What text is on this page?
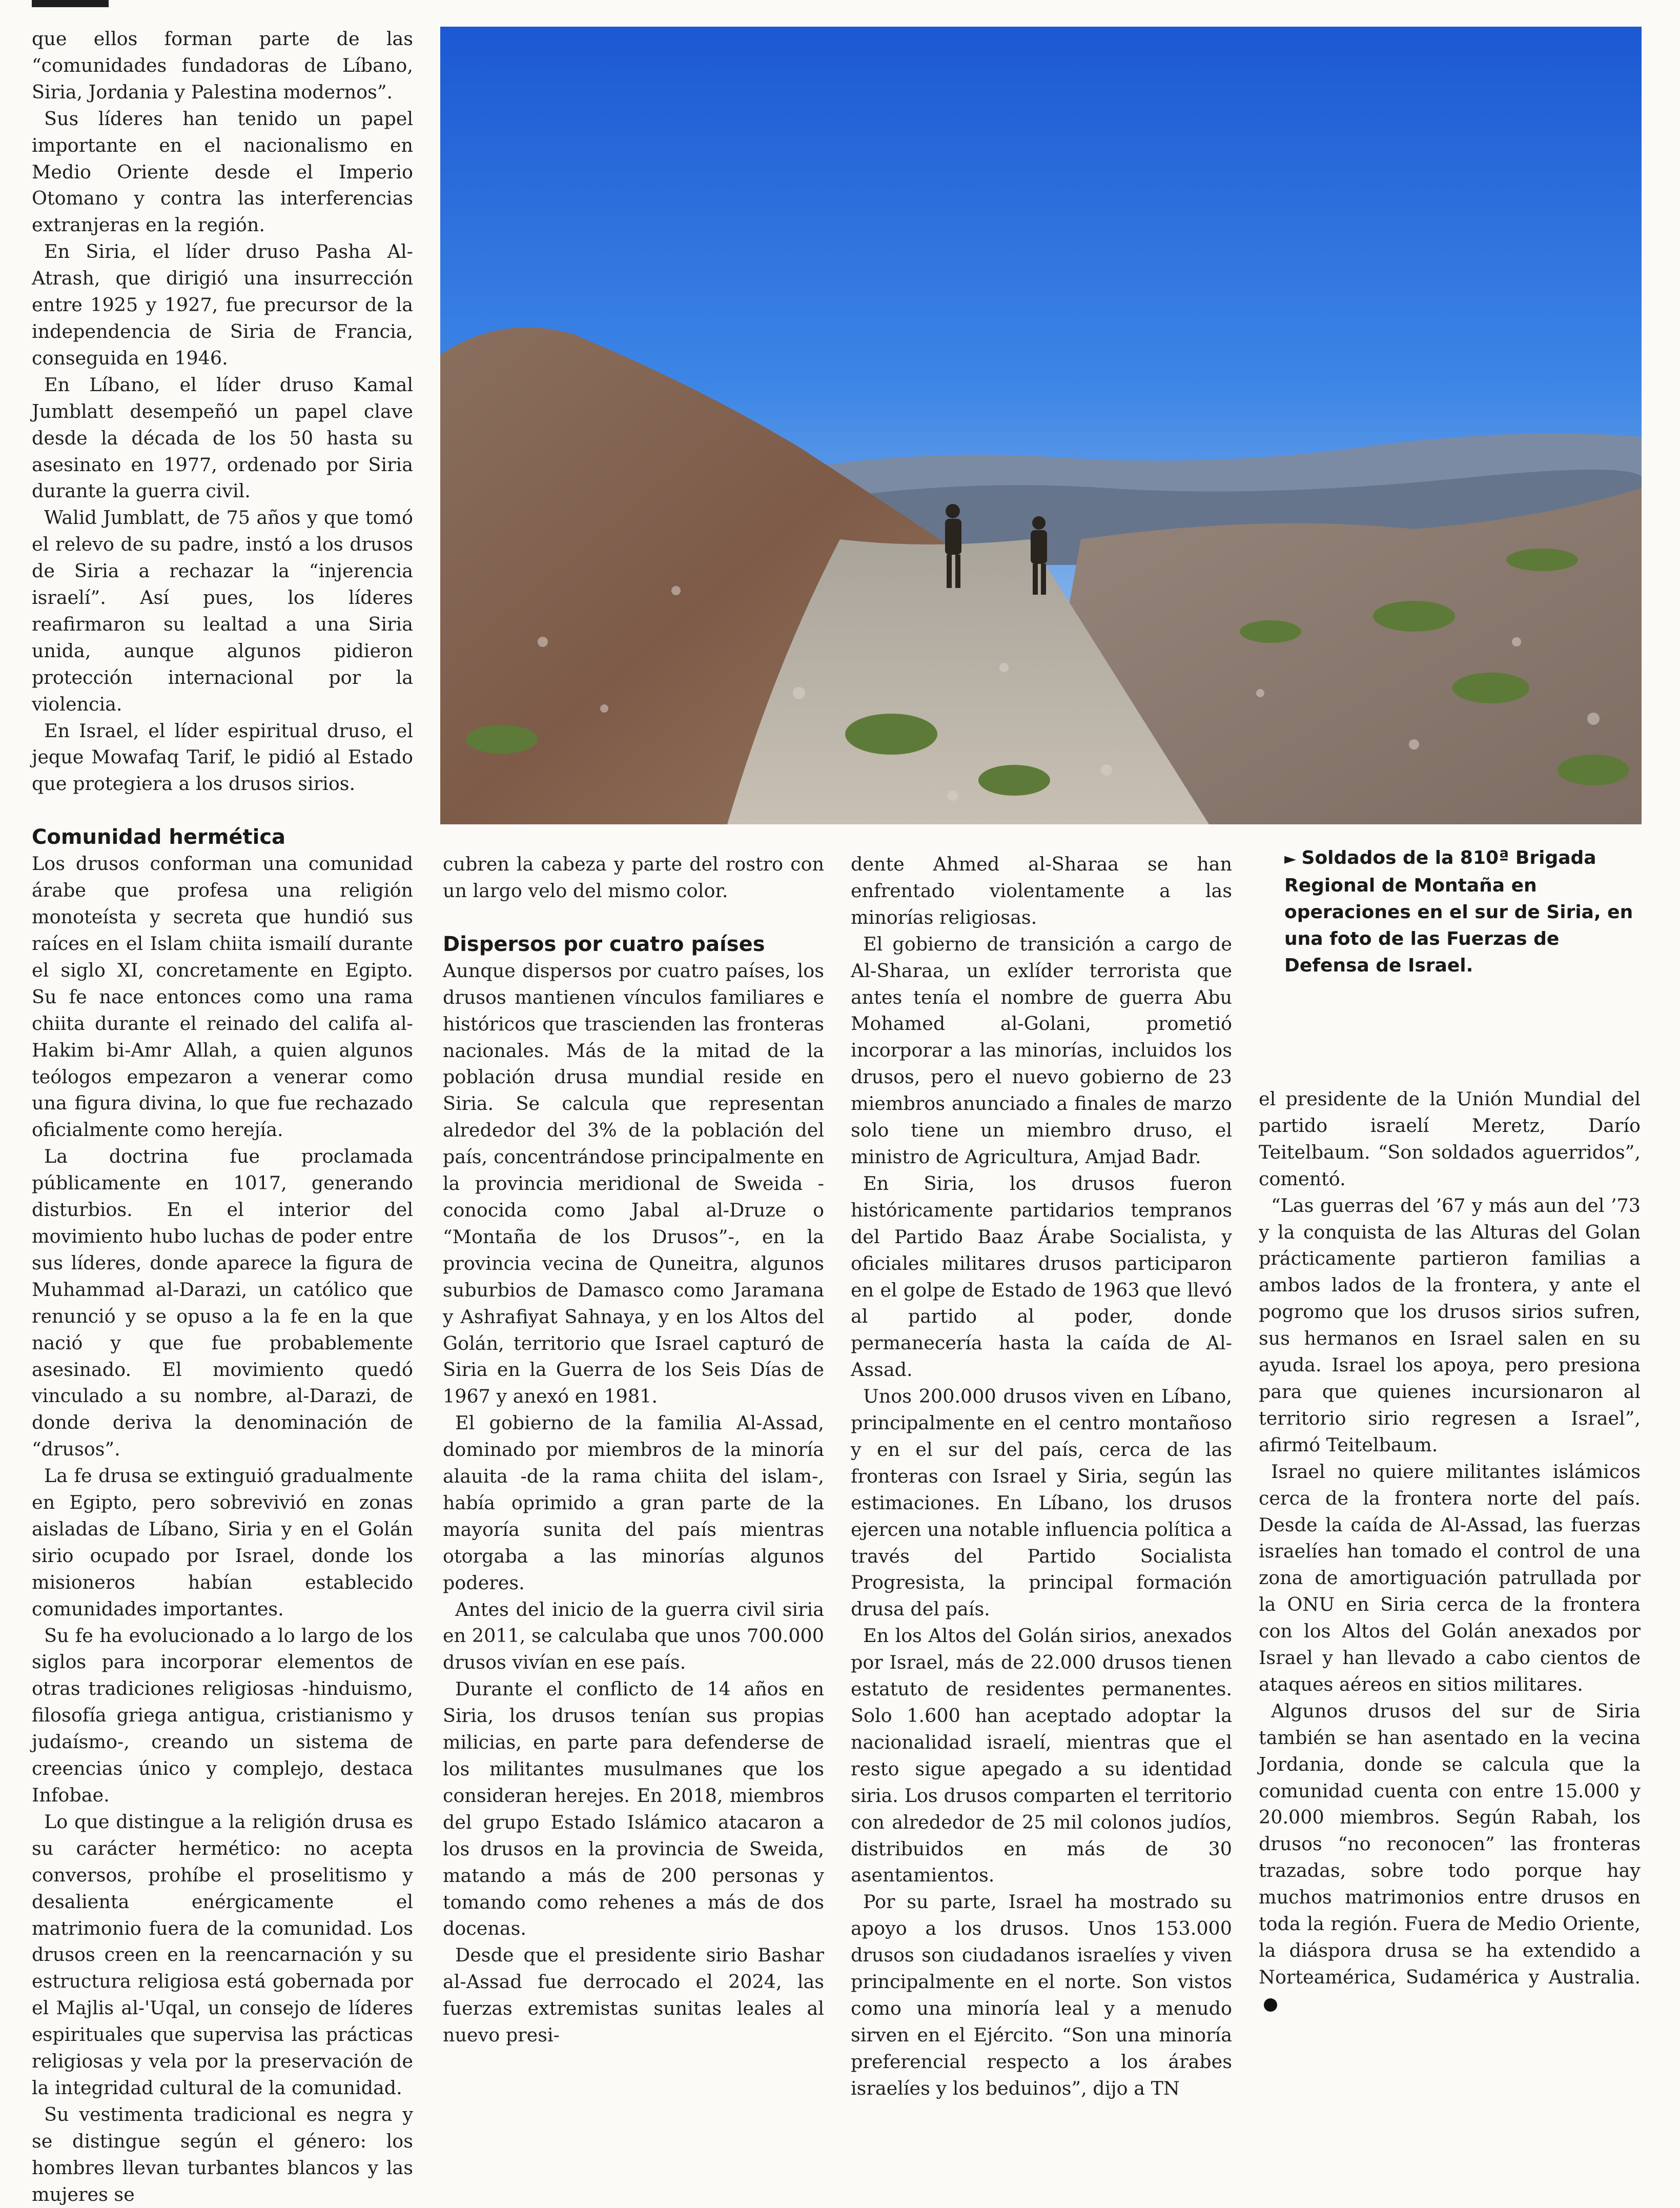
► Soldados de la 810ª Brigada Regional de Montaña en operaciones en el sur de Siria, en una foto de las Fuerzas de Defensa de Israel.

que ellos forman parte de las “comunidades fundadoras de Líbano, Siria, Jordania y Palestina modernos”.

Sus líderes han tenido un papel importante en el nacionalismo en Medio Oriente desde el Imperio Otomano y contra las interferencias extranjeras en la región.

En Siria, el líder druso Pasha Al-Atrash, que dirigió una insurrección entre 1925 y 1927, fue precursor de la independencia de Siria de Francia, conseguida en 1946.

En Líbano, el líder druso Kamal Jumblatt desempeñó un papel clave desde la década de los 50 hasta su asesinato en 1977, ordenado por Siria durante la guerra civil.

Walid Jumblatt, de 75 años y que tomó el relevo de su padre, instó a los drusos de Siria a rechazar la “injerencia israelí”. Así pues, los líderes reafirmaron su lealtad a una Siria unida, aunque algunos pidieron protección internacional por la violencia.

En Israel, el líder espiritual druso, el jeque Mowafaq Tarif, le pidió al Estado que protegiera a los drusos sirios.

Comunidad hermética

Los drusos conforman una comunidad árabe que profesa una religión monoteísta y secreta que hundió sus raíces en el Islam chiita ismailí durante el siglo XI, concretamente en Egipto. Su fe nace entonces como una rama chiita durante el reinado del califa al-Hakim bi-Amr Allah, a quien algunos teólogos empezaron a venerar como una figura divina, lo que fue rechazado oficialmente como herejía.

La doctrina fue proclamada públicamente en 1017, generando disturbios. En el interior del movimiento hubo luchas de poder entre sus líderes, donde aparece la figura de Muhammad al-Darazi, un católico que renunció y se opuso a la fe en la que nació y que fue probablemente asesinado. El movimiento quedó vinculado a su nombre, al-Darazi, de donde deriva la denominación de “drusos”.

La fe drusa se extinguió gradualmente en Egipto, pero sobrevivió en zonas aisladas de Líbano, Siria y en el Golán sirio ocupado por Israel, donde los misioneros habían establecido comunidades importantes.

Su fe ha evolucionado a lo largo de los siglos para incorporar elementos de otras tradiciones religiosas -hinduismo, filosofía griega antigua, cristianismo y judaísmo-, creando un sistema de creencias único y complejo, destaca Infobae.

Lo que distingue a la religión drusa es su carácter hermético: no acepta conversos, prohíbe el proselitismo y desalienta enérgicamente el matrimonio fuera de la comunidad. Los drusos creen en la reencarnación y su estructura religiosa está gobernada por el Majlis al-'Uqal, un consejo de líderes espirituales que supervisa las prácticas religiosas y vela por la preservación de la integridad cultural de la comunidad.

Su vestimenta tradicional es negra y se distingue según el género: los hombres llevan turbantes blancos y las mujeres se

cubren la cabeza y parte del rostro con un largo velo del mismo color.

Dispersos por cuatro países

Aunque dispersos por cuatro países, los drusos mantienen vínculos familiares e históricos que trascienden las fronteras nacionales. Más de la mitad de la población drusa mundial reside en Siria. Se calcula que representan alrededor del 3% de la población del país, concentrándose principalmente en la provincia meridional de Sweida -conocida como Jabal al-Druze o “Montaña de los Drusos”-, en la provincia vecina de Quneitra, algunos suburbios de Damasco como Jaramana y Ashrafiyat Sahnaya, y en los Altos del Golán, territorio que Israel capturó de Siria en la Guerra de los Seis Días de 1967 y anexó en 1981.

El gobierno de la familia Al-Assad, dominado por miembros de la minoría alauita -de la rama chiita del islam-, había oprimido a gran parte de la mayoría sunita del país mientras otorgaba a las minorías algunos poderes.

Antes del inicio de la guerra civil siria en 2011, se calculaba que unos 700.000 drusos vivían en ese país.

Durante el conflicto de 14 años en Siria, los drusos tenían sus propias milicias, en parte para defenderse de los militantes musulmanes que los consideran herejes. En 2018, miembros del grupo Estado Islámico atacaron a los drusos en la provincia de Sweida, matando a más de 200 personas y tomando como rehenes a más de dos docenas.

Desde que el presidente sirio Bashar al-Assad fue derrocado el 2024, las fuerzas extremistas sunitas leales al nuevo presi-

dente Ahmed al-Sharaa se han enfrentado violentamente a las minorías religiosas.

El gobierno de transición a cargo de Al-Sharaa, un exlíder terrorista que antes tenía el nombre de guerra Abu Mohamed al-Golani, prometió incorporar a las minorías, incluidos los drusos, pero el nuevo gobierno de 23 miembros anunciado a finales de marzo solo tiene un miembro druso, el ministro de Agricultura, Amjad Badr.

En Siria, los drusos fueron históricamente partidarios tempranos del Partido Baaz Árabe Socialista, y oficiales militares drusos participaron en el golpe de Estado de 1963 que llevó al partido al poder, donde permanecería hasta la caída de Al-Assad.

Unos 200.000 drusos viven en Líbano, principalmente en el centro montañoso y en el sur del país, cerca de las fronteras con Israel y Siria, según las estimaciones. En Líbano, los drusos ejercen una notable influencia política a través del Partido Socialista Progresista, la principal formación drusa del país.

En los Altos del Golán sirios, anexados por Israel, más de 22.000 drusos tienen estatuto de residentes permanentes. Solo 1.600 han aceptado adoptar la nacionalidad israelí, mientras que el resto sigue apegado a su identidad siria. Los drusos comparten el territorio con alrededor de 25 mil colonos judíos, distribuidos en más de 30 asentamientos.

Por su parte, Israel ha mostrado su apoyo a los drusos. Unos 153.000 drusos son ciudadanos israelíes y viven principalmente en el norte. Son vistos como una minoría leal y a menudo sirven en el Ejército. “Son una minoría preferencial respecto a los árabes israelíes y los beduinos”, dijo a TN

el presidente de la Unión Mundial del partido israelí Meretz, Darío Teitelbaum. “Son soldados aguerridos”, comentó.

“Las guerras del ’67 y más aun del ’73 y la conquista de las Alturas del Golan prácticamente partieron familias a ambos lados de la frontera, y ante el pogromo que los drusos sirios sufren, sus hermanos en Israel salen en su ayuda. Israel los apoya, pero presiona para que quienes incursionaron al territorio sirio regresen a Israel”, afirmó Teitelbaum.

Israel no quiere militantes islámicos cerca de la frontera norte del país. Desde la caída de Al-Assad, las fuerzas israelíes han tomado el control de una zona de amortiguación patrullada por la ONU en Siria cerca de la frontera con los Altos del Golán anexados por Israel y han llevado a cabo cientos de ataques aéreos en sitios militares.

Algunos drusos del sur de Siria también se han asentado en la vecina Jordania, donde se calcula que la comunidad cuenta con entre 15.000 y 20.000 miembros. Según Rabah, los drusos “no reconocen” las fronteras trazadas, sobre todo porque hay muchos matrimonios entre drusos en toda la región. Fuera de Medio Oriente, la diáspora drusa se ha extendido a Norteamérica, Sudamérica y Australia.
